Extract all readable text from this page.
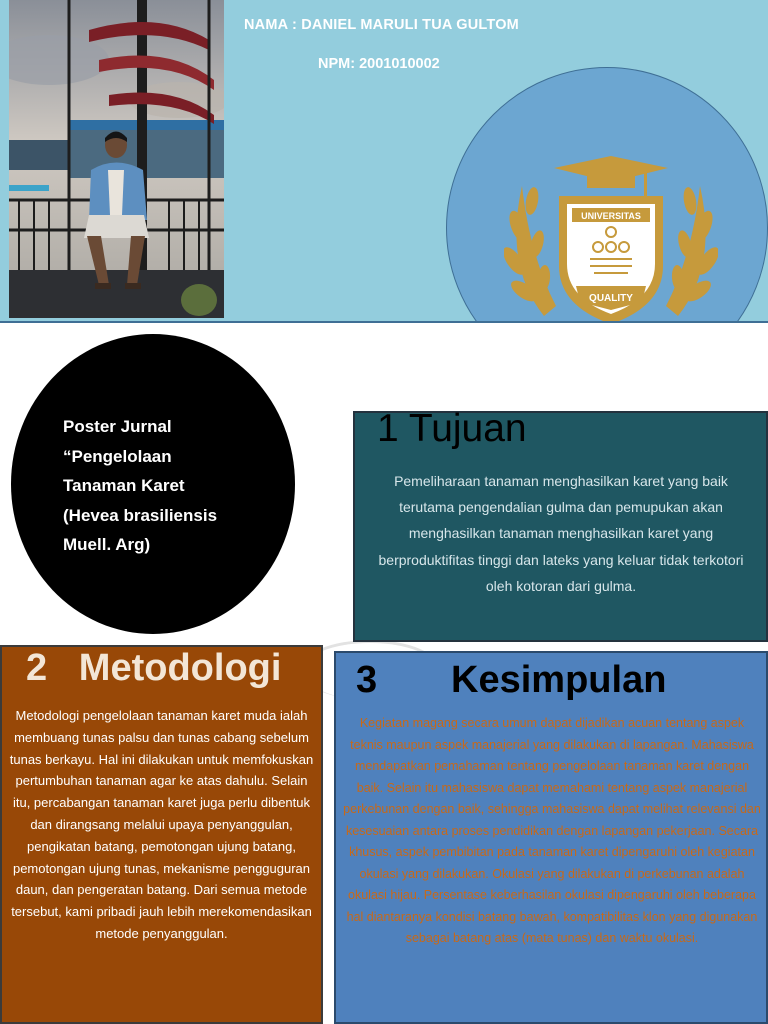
NAMA : DANIEL MARULI TUA GULTOM
NPM: 2001010002
UNIVERSITAS
QUALITY
Poster Jurnal
“Pengelolaan
Tanaman Karet
(Hevea brasiliensis
Muell. Arg)
1 Tujuan
Pemeliharaan tanaman menghasilkan karet yang baik terutama pengendalian gulma dan pemupukan akan menghasilkan tanaman menghasilkan karet yang berproduktifitas tinggi dan lateks yang keluar tidak terkotori oleh kotoran dari gulma.
2   Metodologi
Metodologi pengelolaan tanaman karet muda ialah membuang tunas palsu dan tunas cabang sebelum tunas berkayu. Hal ini dilakukan untuk memfokuskan pertumbuhan tanaman agar ke atas dahulu. Selain itu, percabangan tanaman karet juga perlu dibentuk dan dirangsang melalui upaya penyanggulan, pengikatan batang, pemotongan ujung batang, pemotongan ujung tunas, mekanisme pengguguran daun, dan pengeratan batang. Dari semua metode tersebut, kami pribadi jauh lebih merekomendasikan metode penyanggulan.
3       Kesimpulan
Kegiatan magang secara umum dapat dijadikan acuan tentang aspek teknis maupun aspek manajerial yang dilakukan di lapangan. Mahasiswa mendapatkan pemahaman tentang pengelolaan tanaman karet dengan baik. Selain itu mahasiswa dapat memahami tentang aspek manajerial perkebunan dengan baik, sehingga mahasiswa dapat melihat relevansi dan kesesuaian antara proses pendidikan dengan lapangan pekerjaan. Secara khusus, aspek pembibitan pada tanaman karet dipengaruhi oleh kegiatan okulasi yang dilakukan. Okulasi yang dilakukan di perkebunan adalah okulasi hijau. Persentase keberhasilan okulasi dipengaruhi oleh beberapa hal diantaranya kondisi batang bawah, kompatibilitas klon yang digunakan sebagai batang atas (mata tunas) dan waktu okulasi.
